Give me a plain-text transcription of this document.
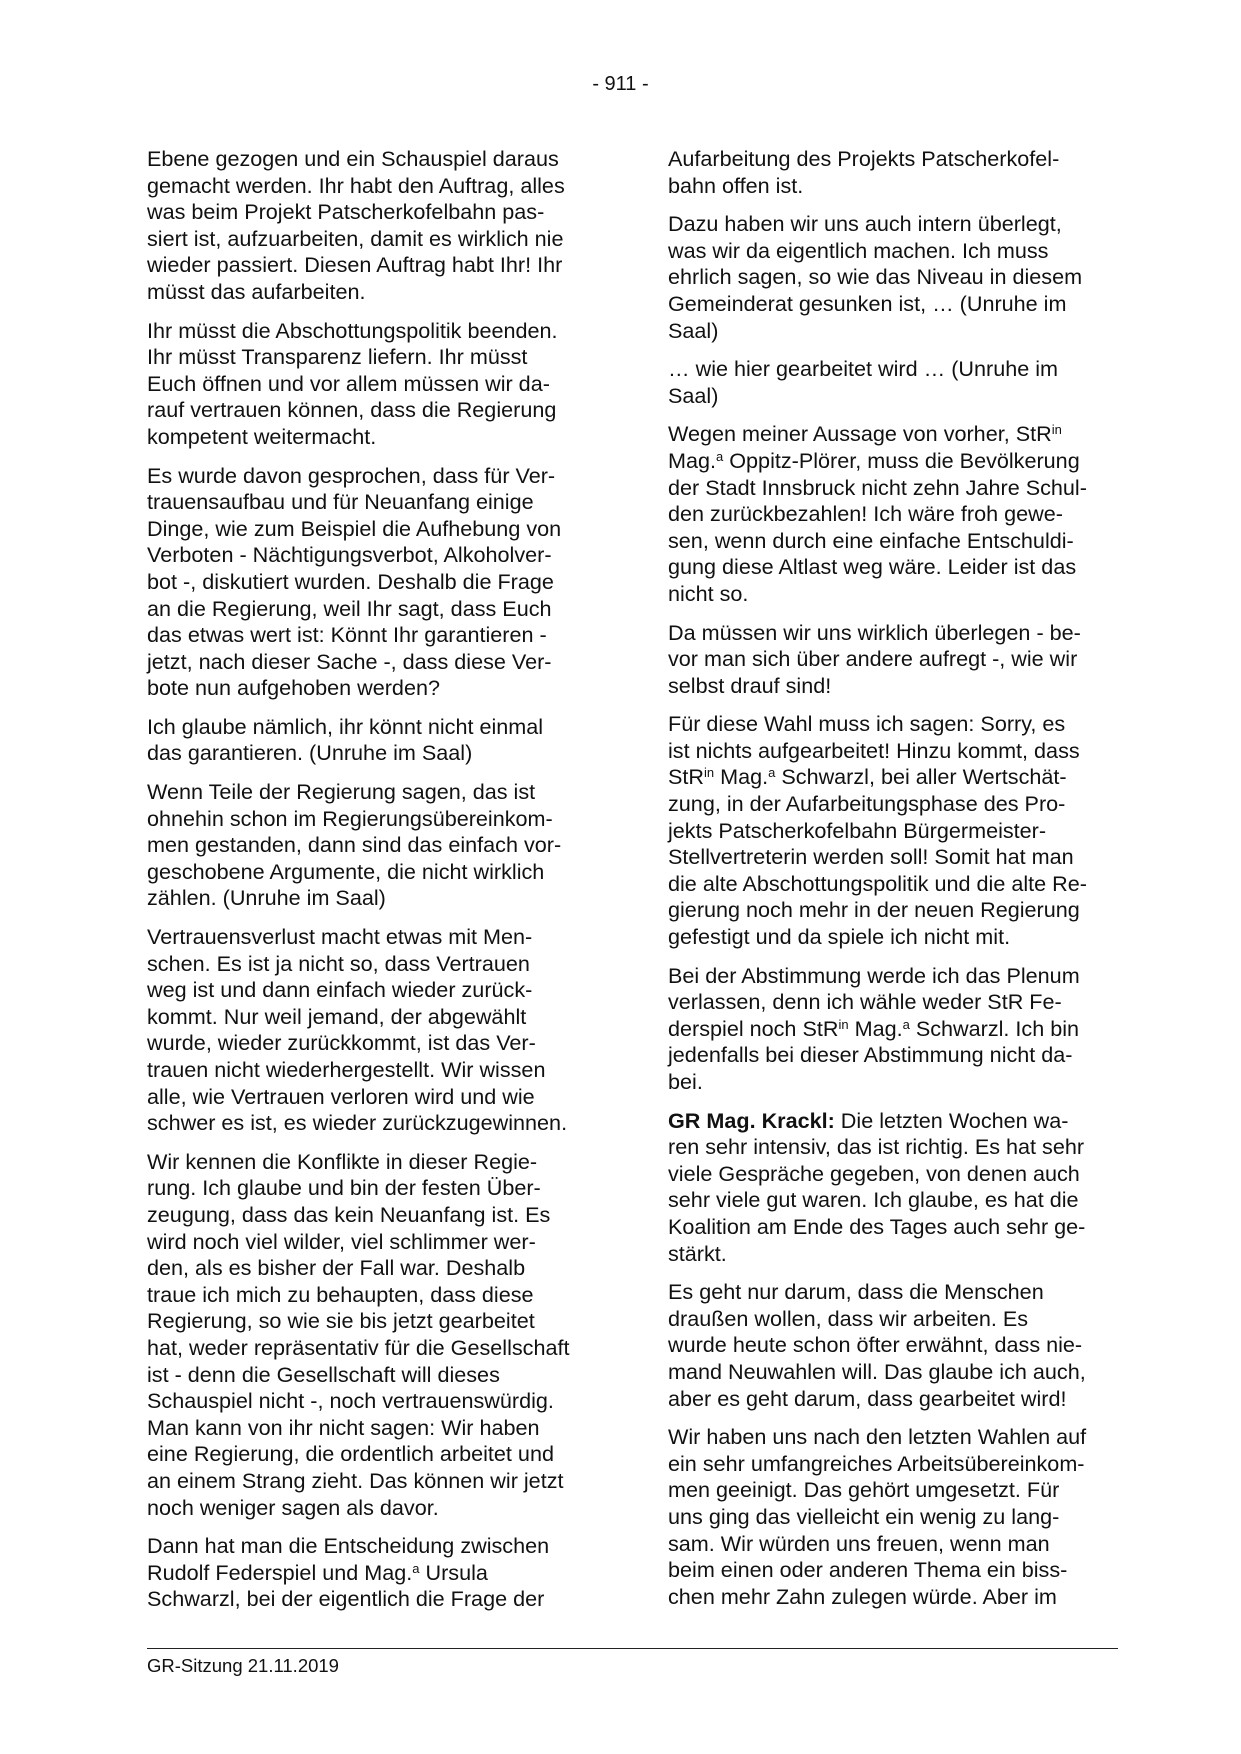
- 911 -

Ebene gezogen und ein Schauspiel daraus
gemacht werden. Ihr habt den Auftrag, alles
was beim Projekt Patscherkofelbahn pas-
siert ist, aufzuarbeiten, damit es wirklich nie
wieder passiert. Diesen Auftrag habt Ihr! Ihr
müsst das aufarbeiten.

Ihr müsst die Abschottungspolitik beenden.
Ihr müsst Transparenz liefern. Ihr müsst
Euch öffnen und vor allem müssen wir da-
rauf vertrauen können, dass die Regierung
kompetent weitermacht.

Es wurde davon gesprochen, dass für Ver-
trauensaufbau und für Neuanfang einige
Dinge, wie zum Beispiel die Aufhebung von
Verboten - Nächtigungsverbot, Alkoholver-
bot -, diskutiert wurden. Deshalb die Frage
an die Regierung, weil Ihr sagt, dass Euch
das etwas wert ist: Könnt Ihr garantieren -
jetzt, nach dieser Sache -, dass diese Ver-
bote nun aufgehoben werden?

Ich glaube nämlich, ihr könnt nicht einmal
das garantieren. (Unruhe im Saal)

Wenn Teile der Regierung sagen, das ist
ohnehin schon im Regierungsübereinkom-
men gestanden, dann sind das einfach vor-
geschobene Argumente, die nicht wirklich
zählen. (Unruhe im Saal)

Vertrauensverlust macht etwas mit Men-
schen. Es ist ja nicht so, dass Vertrauen
weg ist und dann einfach wieder zurück-
kommt. Nur weil jemand, der abgewählt
wurde, wieder zurückkommt, ist das Ver-
trauen nicht wiederhergestellt. Wir wissen
alle, wie Vertrauen verloren wird und wie
schwer es ist, es wieder zurückzugewinnen.

Wir kennen die Konflikte in dieser Regie-
rung. Ich glaube und bin der festen Über-
zeugung, dass das kein Neuanfang ist. Es
wird noch viel wilder, viel schlimmer wer-
den, als es bisher der Fall war. Deshalb
traue ich mich zu behaupten, dass diese
Regierung, so wie sie bis jetzt gearbeitet
hat, weder repräsentativ für die Gesellschaft
ist - denn die Gesellschaft will dieses
Schauspiel nicht -, noch vertrauenswürdig.
Man kann von ihr nicht sagen: Wir haben
eine Regierung, die ordentlich arbeitet und
an einem Strang zieht. Das können wir jetzt
noch weniger sagen als davor.

Dann hat man die Entscheidung zwischen
Rudolf Federspiel und Mag.$^a$ Ursula
Schwarzl, bei der eigentlich die Frage der

Aufarbeitung des Projekts Patscherkofel-
bahn offen ist.

Dazu haben wir uns auch intern überlegt,
was wir da eigentlich machen. Ich muss
ehrlich sagen, so wie das Niveau in diesem
Gemeinderat gesunken ist, … (Unruhe im
Saal)

… wie hier gearbeitet wird … (Unruhe im
Saal)

Wegen meiner Aussage von vorher, StR$^{in}$
Mag.$^a$ Oppitz-Plörer, muss die Bevölkerung
der Stadt Innsbruck nicht zehn Jahre Schul-
den zurückbezahlen! Ich wäre froh gewe-
sen, wenn durch eine einfache Entschuldi-
gung diese Altlast weg wäre. Leider ist das
nicht so.

Da müssen wir uns wirklich überlegen - be-
vor man sich über andere aufregt -, wie wir
selbst drauf sind!

Für diese Wahl muss ich sagen: Sorry, es
ist nichts aufgearbeitet! Hinzu kommt, dass
StR$^{in}$ Mag.$^a$ Schwarzl, bei aller Wertschät-
zung, in der Aufarbeitungsphase des Pro-
jekts Patscherkofelbahn Bürgermeister-
Stellvertreterin werden soll! Somit hat man
die alte Abschottungspolitik und die alte Re-
gierung noch mehr in der neuen Regierung
gefestigt und da spiele ich nicht mit.

Bei der Abstimmung werde ich das Plenum
verlassen, denn ich wähle weder StR Fe-
derspiel noch StR$^{in}$ Mag.$^a$ Schwarzl. Ich bin
jedenfalls bei dieser Abstimmung nicht da-
bei.

GR Mag. Krackl: Die letzten Wochen wa-
ren sehr intensiv, das ist richtig. Es hat sehr
viele Gespräche gegeben, von denen auch
sehr viele gut waren. Ich glaube, es hat die
Koalition am Ende des Tages auch sehr ge-
stärkt.

Es geht nur darum, dass die Menschen
draußen wollen, dass wir arbeiten. Es
wurde heute schon öfter erwähnt, dass nie-
mand Neuwahlen will. Das glaube ich auch,
aber es geht darum, dass gearbeitet wird!

Wir haben uns nach den letzten Wahlen auf
ein sehr umfangreiches Arbeitsübereinkom-
men geeinigt. Das gehört umgesetzt. Für
uns ging das vielleicht ein wenig zu lang-
sam. Wir würden uns freuen, wenn man
beim einen oder anderen Thema ein biss-
chen mehr Zahn zulegen würde. Aber im

GR-Sitzung 21.11.2019
